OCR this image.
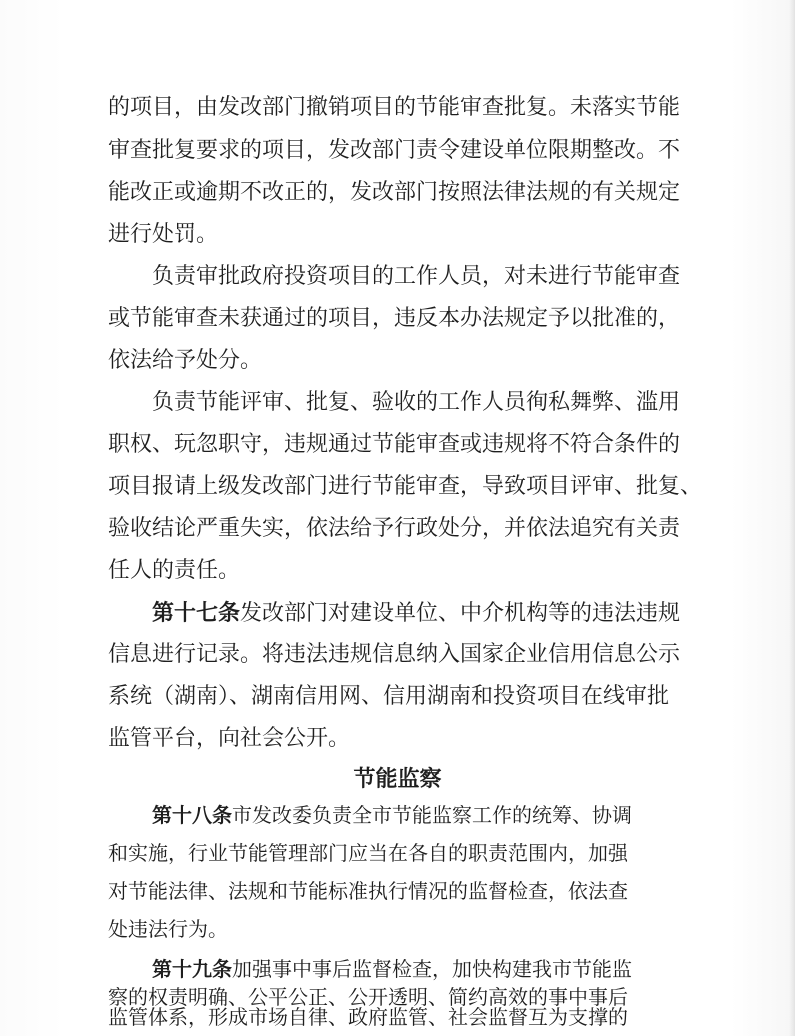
的项目，由发改部门撤销项目的节能审查批复。未落实节能
审查批复要求的项目，发改部门责令建设单位限期整改。不
能改正或逾期不改正的，发改部门按照法律法规的有关规定
进行处罚。
负责审批政府投资项目的工作人员，对未进行节能审查
或节能审查未获通过的项目，违反本办法规定予以批准的，
依法给予处分。
负责节能评审、批复、验收的工作人员徇私舞弊、滥用
职权、玩忽职守，违规通过节能审查或违规将不符合条件的
项目报请上级发改部门进行节能审查，导致项目评审、批复、
验收结论严重失实，依法给予行政处分，并依法追究有关责
任人的责任。
第十七条发改部门对建设单位、中介机构等的违法违规
信息进行记录。将违法违规信息纳入国家企业信用信息公示
系统（湖南）、湖南信用网、信用湖南和投资项目在线审批
监管平台，向社会公开。
节能监察
第十八条市发改委负责全市节能监察工作的统筹、协调
和实施，行业节能管理部门应当在各自的职责范围内，加强
对节能法律、法规和节能标准执行情况的监督检查，依法查
处违法行为。
第十九条加强事中事后监督检查，加快构建我市节能监
察的权责明确、公平公正、公开透明、简约高效的事中事后
监管体系，形成市场自律、政府监管、社会监督互为支撑的
